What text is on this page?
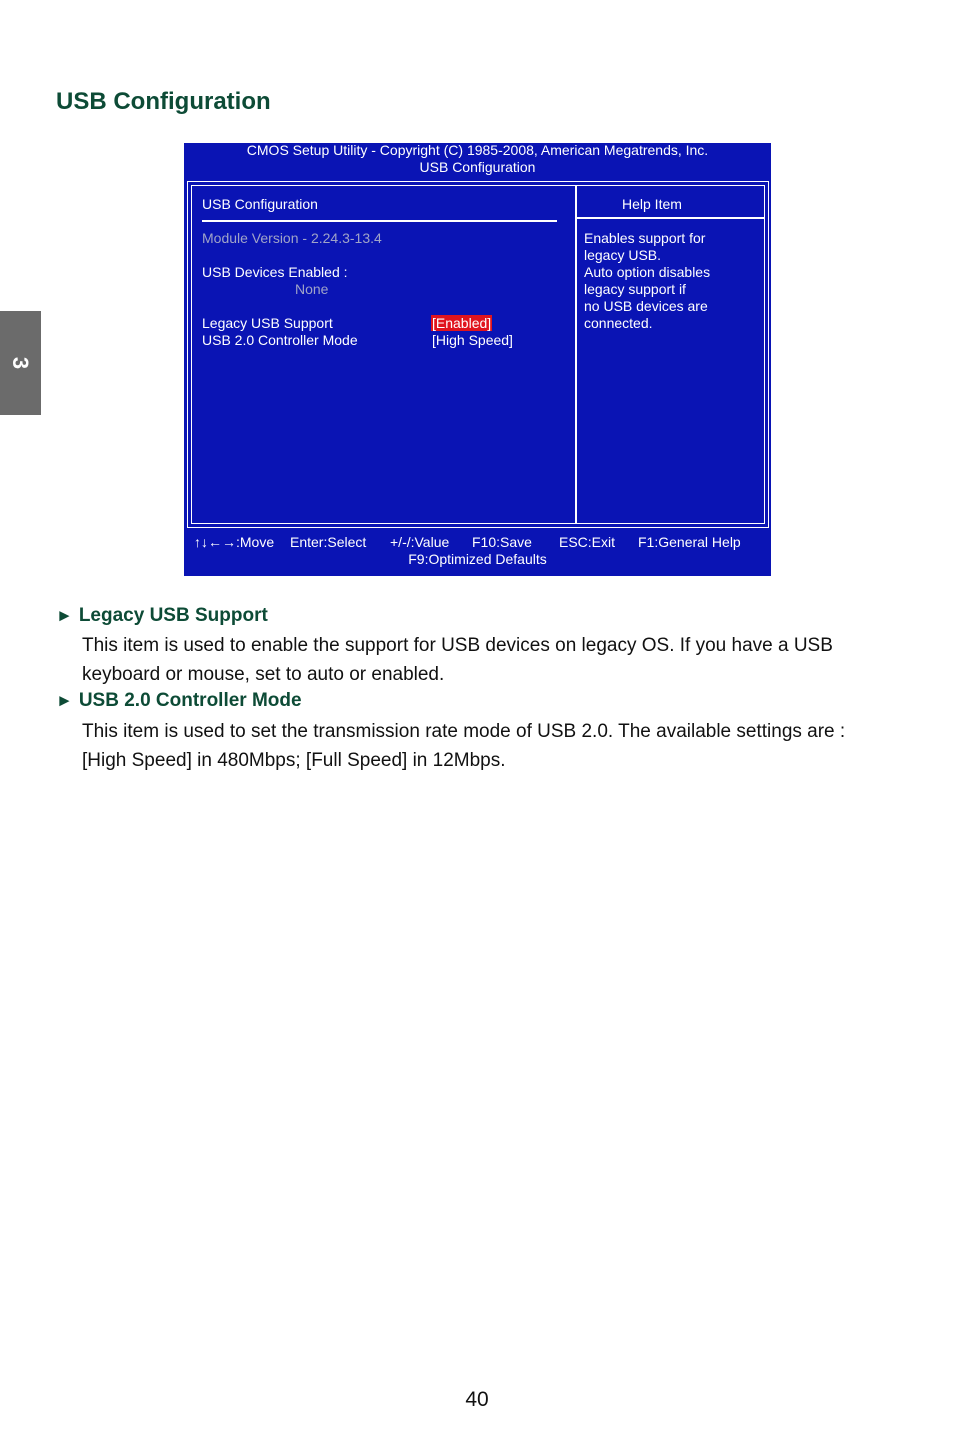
3
USB Configuration
CMOS Setup Utility - Copyright (C) 1985-2008, American Megatrends, Inc.
USB Configuration
USB Configuration
Module Version - 2.24.3-13.4
USB Devices Enabled :
None
Legacy USB Support	[Enabled]
USB 2.0 Controller Mode	[High Speed]
Help Item
Enables support for
legacy USB.
Auto option disables
legacy support if
no USB devices are
connected.
↑↓←→:Move Enter:Select +/-/:Value F10:Save ESC:Exit F1:General Help
F9:Optimized Defaults
► Legacy USB Support
This item is used to enable the support for USB devices on legacy OS. If you have a USB
keyboard or mouse, set to auto or enabled.
► USB 2.0 Controller Mode
This item is used to set the transmission rate mode of USB 2.0. The available settings are :
[High Speed] in 480Mbps; [Full Speed] in 12Mbps.
40
